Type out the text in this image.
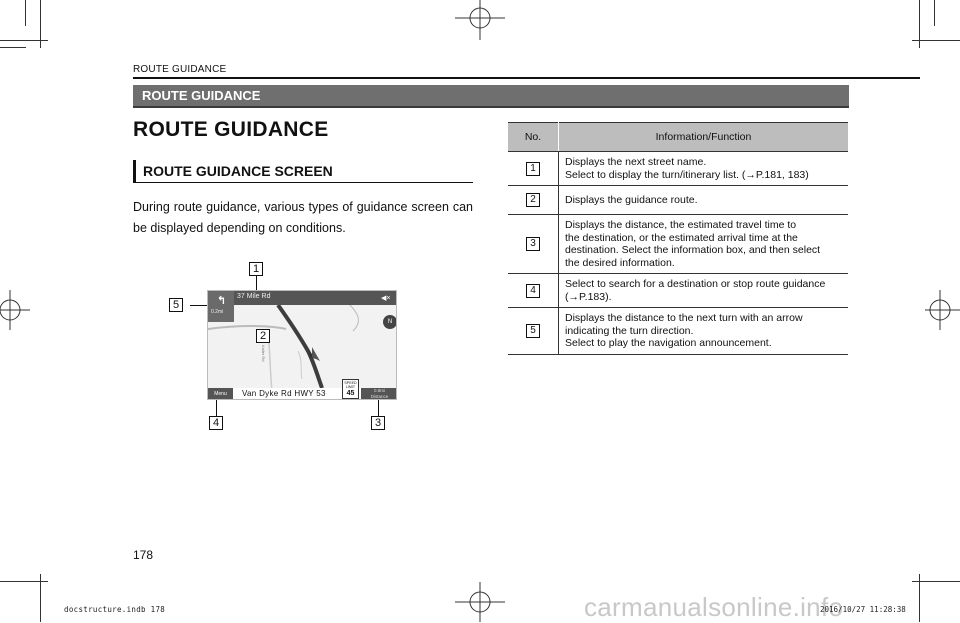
ROUTE GUIDANCE
ROUTE GUIDANCE
ROUTE GUIDANCE
ROUTE GUIDANCE SCREEN
During route guidance, various types of guidance screen can be displayed depending on conditions.
37 Mile Rd	◀×
↰
0.2mi
N
Kaller Rd
Menu	Van Dyke Rd HWY 53
SPEED LIMIT
45	0.8mi
Distance
1
2
3
4
5
No.	Information/Function
1	Displays the next street name.
Select to display the turn/itinerary list. (→P.181, 183)

2	Displays the guidance route.

3	Displays the distance, the estimated travel time to
the destination, or the estimated arrival time at the
destination. Select the information box, and then select
the desired information.

4	Select to search for a destination or stop route guidance
(→P.183).

5	Displays the distance to the next turn with an arrow
indicating the turn direction.
Select to play the navigation announcement.
178
carmanualsonline.info
docstructure.indb 178	2016/10/27 11:28:38
